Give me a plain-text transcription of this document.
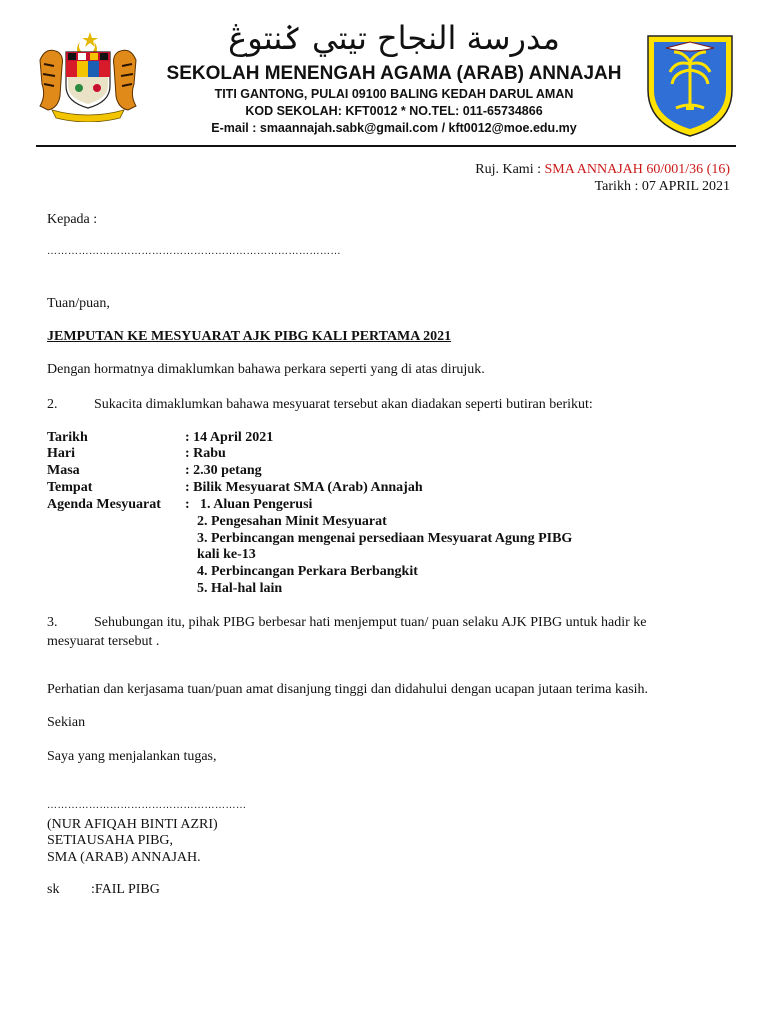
مدرسة النجاح تيتي ݢنتوڠ
SEKOLAH MENENGAH AGAMA (ARAB) ANNAJAH
TITI GANTONG, PULAI 09100 BALING KEDAH DARUL AMAN
KOD SEKOLAH: KFT0012 * NO.TEL: 011-65734866
E-mail : smaannajah.sabk@gmail.com / kft0012@moe.edu.my
Ruj. Kami : SMA ANNAJAH 60/001/36 (16)
Tarikh : 07 APRIL 2021
Kepada :
…………………………………………………………………………
Tuan/puan,
JEMPUTAN KE MESYUARAT AJK PIBG KALI PERTAMA 2021
Dengan hormatnya dimaklumkan bahawa perkara seperti yang di atas dirujuk.
2.	Sukacita dimaklumkan bahawa mesyuarat tersebut akan diadakan seperti butiran berikut:
Tarikh	: 14 April 2021
Hari	: Rabu
Masa	: 2.30 petang
Tempat	: Bilik Mesyuarat SMA (Arab) Annajah
Agenda Mesyuarat : 1. Aluan Pengerusi
2. Pengesahan Minit Mesyuarat
3. Perbincangan mengenai persediaan Mesyuarat Agung PIBG
kali ke-13
4. Perbincangan Perkara Berbangkit
5. Hal-hal lain
3.	Sehubungan itu, pihak PIBG berbesar hati menjemput tuan/ puan selaku AJK PIBG untuk hadir ke
mesyuarat tersebut .
Perhatian dan kerjasama tuan/puan amat disanjung tinggi dan didahului dengan ucapan jutaan terima kasih.
Sekian
Saya yang menjalankan tugas,
…………………………………………………
(NUR AFIQAH BINTI AZRI)
SETIAUSAHA PIBG,
SMA (ARAB) ANNAJAH.
sk :FAIL PIBG
